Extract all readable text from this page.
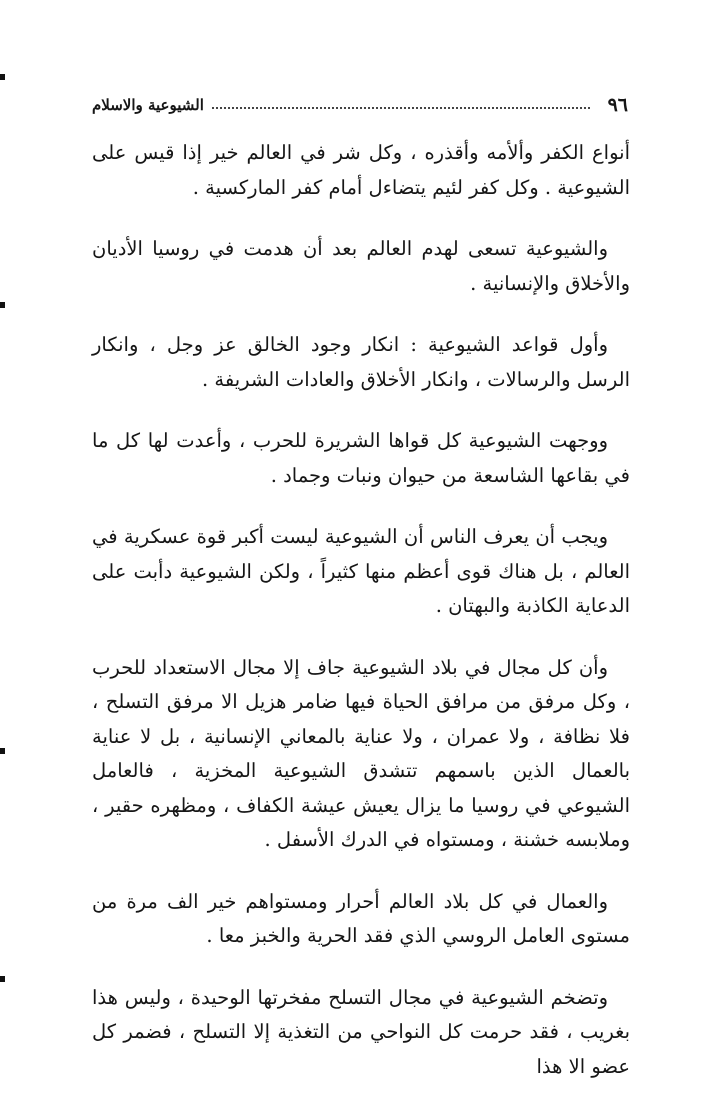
٩٦
الشيوعية والاسلام

أنواع الكفر وألأمه وأقذره ، وكل شر في العالم خير إذا قيس على الشيوعية . وكل كفر لئيم يتضاءل أمام كفر الماركسية .

والشيوعية تسعى لهدم العالم بعد أن هدمت في روسيا الأديان والأخلاق والإنسانية .

وأول قواعد الشيوعية : انكار وجود الخالق عز وجل ، وانكار الرسل والرسالات ، وانكار الأخلاق والعادات الشريفة .

ووجهت الشيوعية كل قواها الشريرة للحرب ، وأعدت لها كل ما في بقاعها الشاسعة من حيوان ونبات وجماد .

ويجب أن يعرف الناس أن الشيوعية ليست أكبر قوة عسكرية في العالم ، بل هناك قوى أعظم منها كثيراً ، ولكن الشيوعية دأبت على الدعاية الكاذبة والبهتان .

وأن كل مجال في بلاد الشيوعية جاف إلا مجال الاستعداد للحرب ، وكل مرفق من مرافق الحياة فيها ضامر هزيل الا مرفق التسلح ، فلا نظافة ، ولا عمران ، ولا عناية بالمعاني الإنسانية ، بل لا عناية بالعمال الذين باسمهم تتشدق الشيوعية المخزية ، فالعامل الشيوعي في روسيا ما يزال يعيش عيشة الكفاف ، ومظهره حقير ، وملابسه خشنة ، ومستواه في الدرك الأسفل .

والعمال في كل بلاد العالم أحرار ومستواهم خير الف مرة من مستوى العامل الروسي الذي فقد الحرية والخبز معا .

وتضخم الشيوعية في مجال التسلح مفخرتها الوحيدة ، وليس هذا بغريب ، فقد حرمت كل النواحي من التغذية إلا التسلح ، فضمر كل عضو الا هذا
